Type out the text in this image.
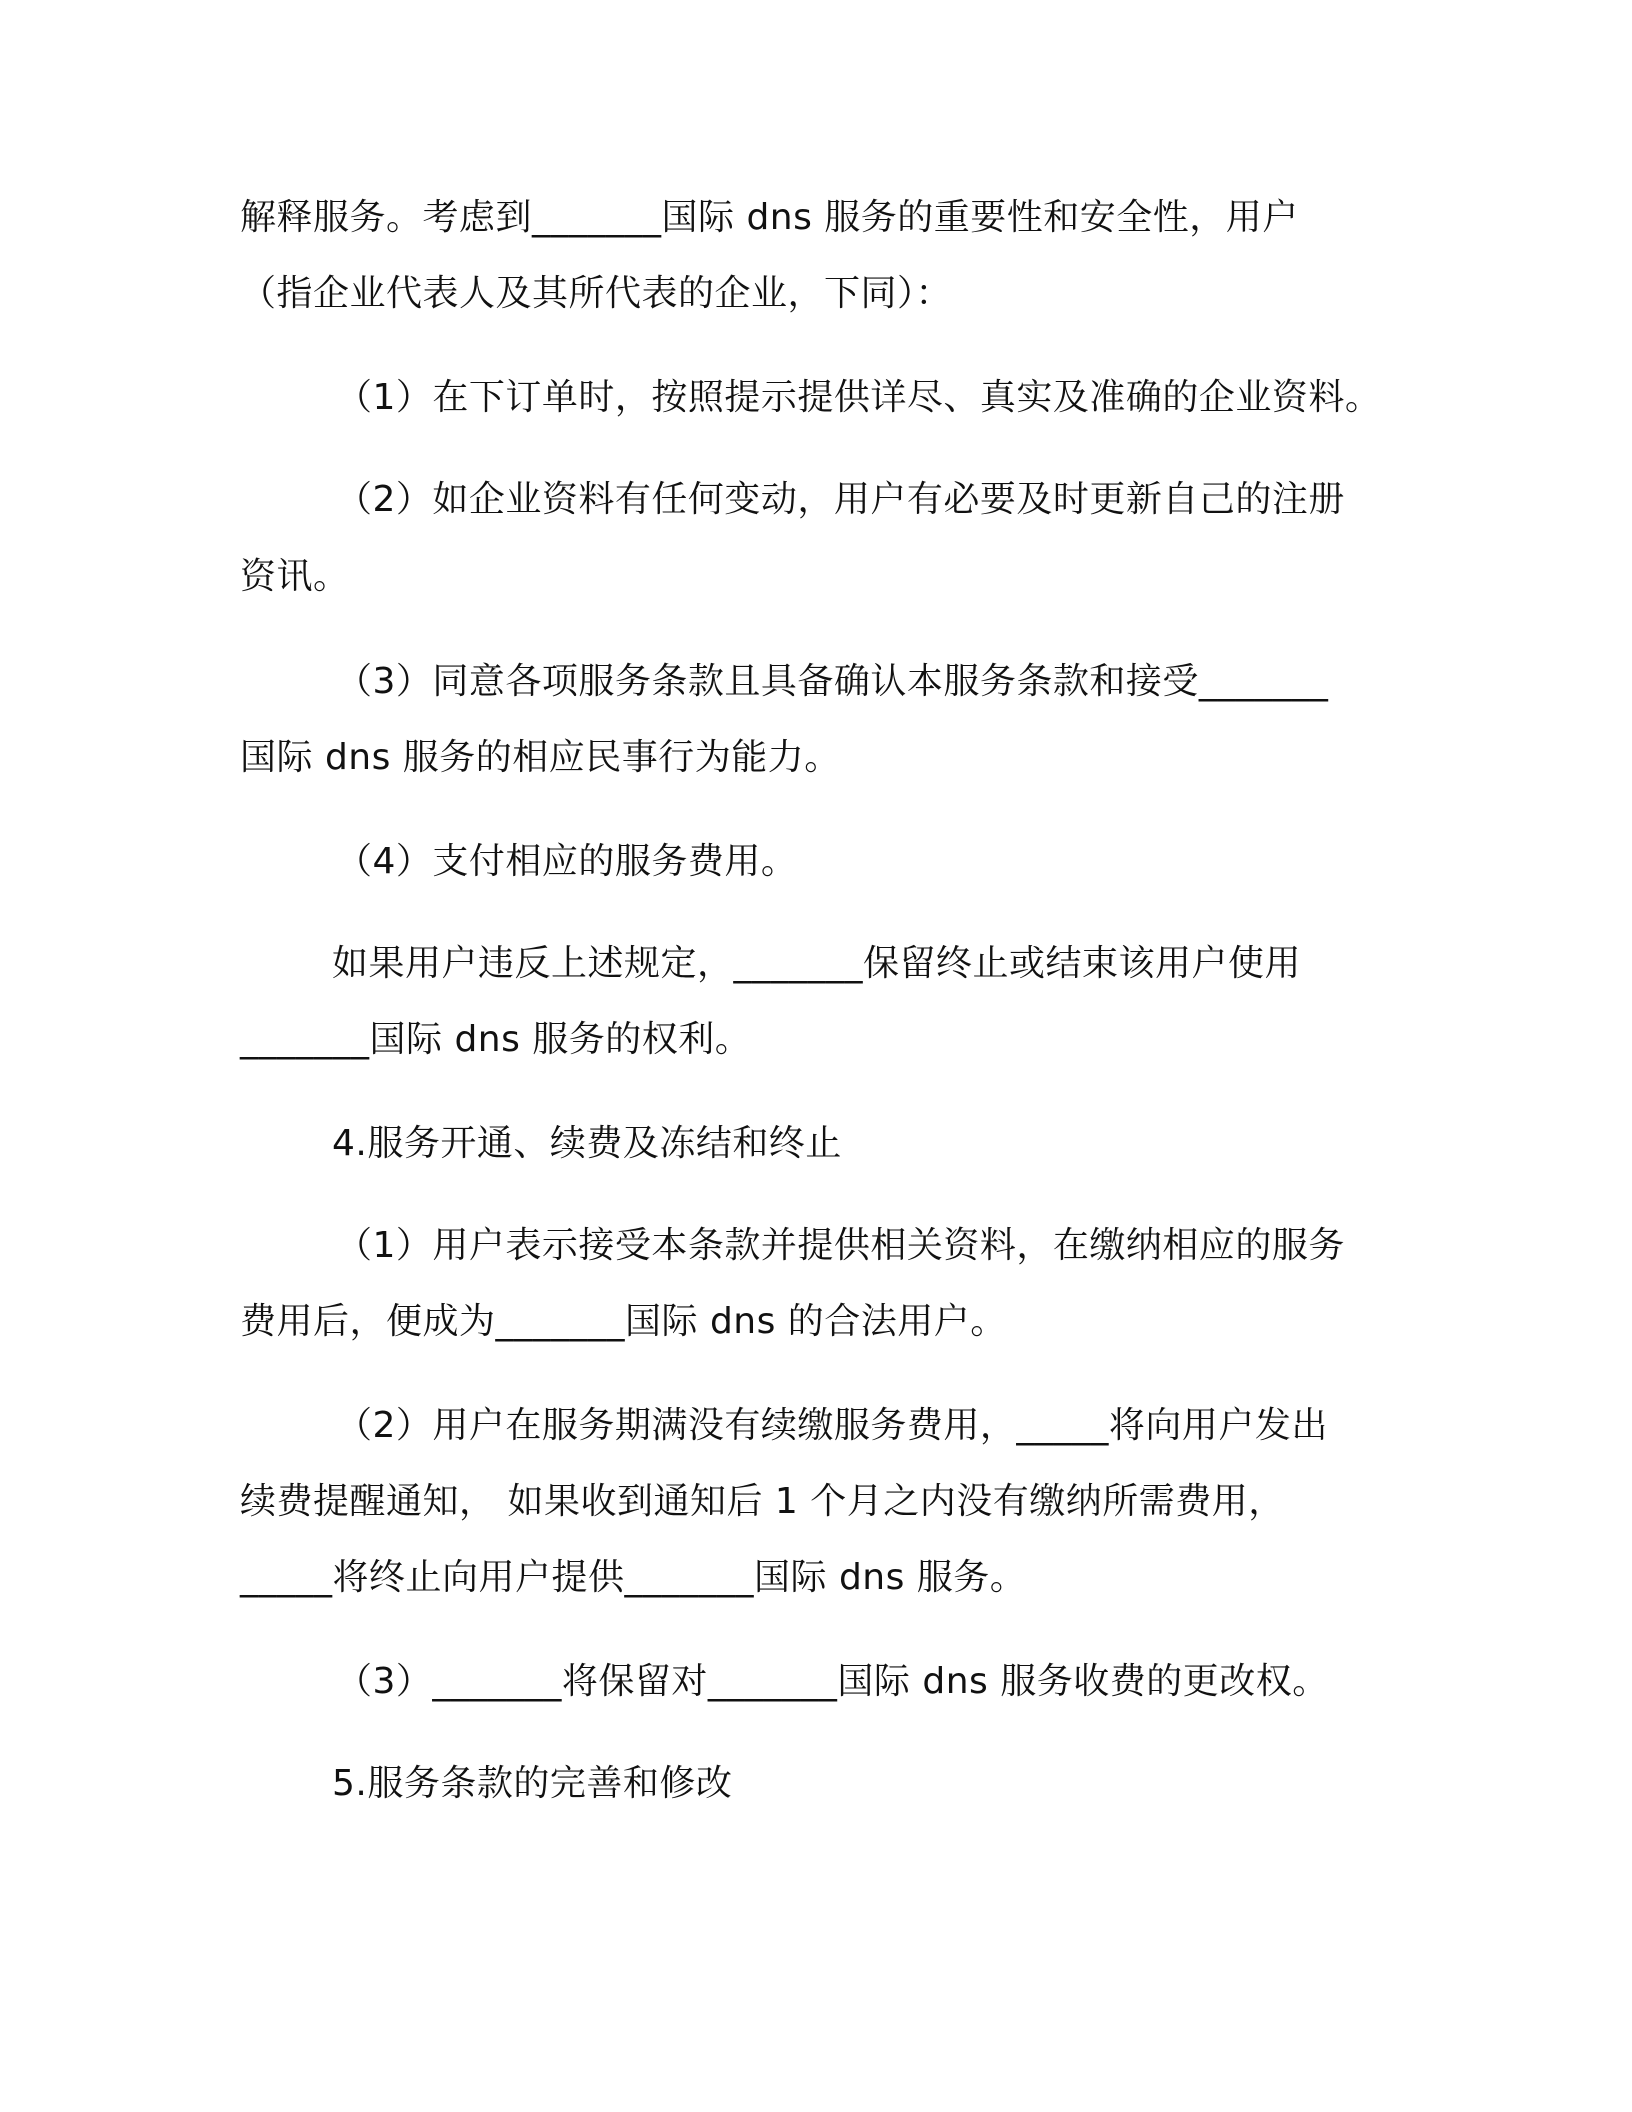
解释服务。考虑到_______国际 dns 服务的重要性和安全性，用户
（指企业代表人及其所代表的企业，下同）：
（1）在下订单时，按照提示提供详尽、真实及准确的企业资料。
（2）如企业资料有任何变动，用户有必要及时更新自己的注册
资讯。
（3）同意各项服务条款且具备确认本服务条款和接受_______
国际 dns 服务的相应民事行为能力。
（4）支付相应的服务费用。
如果用户违反上述规定，_______保留终止或结束该用户使用
_______国际 dns 服务的权利。
4.服务开通、续费及冻结和终止
（1）用户表示接受本条款并提供相关资料，在缴纳相应的服务
费用后，便成为_______国际 dns 的合法用户。
（2）用户在服务期满没有续缴服务费用，_____将向用户发出
续费提醒通知， 如果收到通知后 1 个月之内没有缴纳所需费用，
_____将终止向用户提供_______国际 dns 服务。
（3）_______将保留对_______国际 dns 服务收费的更改权。
5.服务条款的完善和修改
